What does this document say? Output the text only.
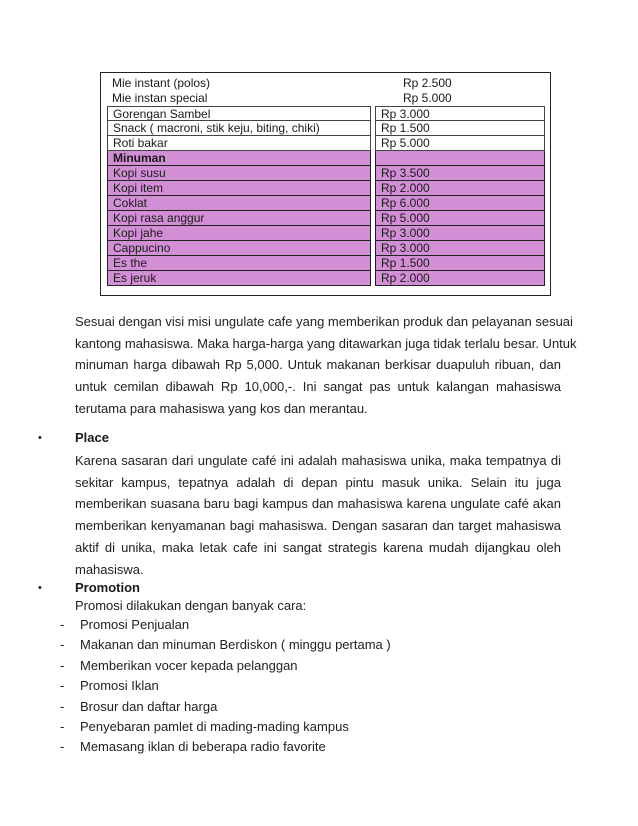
Mie instant (polos)	Rp 2.500
Mie instan special	Rp 5.000
Gorengan Sambel	Rp 3.000
Snack ( macroni, stik keju, biting, chiki)	Rp 1.500
Roti bakar	Rp 5.000
Minuman
Kopi susu	Rp 3.500
Kopi item	Rp 2.000
Coklat	Rp 6.000
Kopi rasa anggur	Rp 5.000
Kopi jahe	Rp 3.000
Cappucino	Rp 3.000
Es the	Rp 1.500
Es jeruk	Rp 2.000
Sesuai dengan visi misi ungulate cafe yang memberikan produk dan pelayanan sesuai
kantong mahasiswa. Maka harga-harga yang ditawarkan juga tidak terlalu besar. Untuk
minuman harga dibawah Rp 5,000. Untuk makanan berkisar duapuluh ribuan, dan
untuk cemilan dibawah Rp 10,000,-. Ini sangat pas untuk kalangan mahasiswa
terutama para mahasiswa yang kos dan merantau.
•	Place
Karena sasaran dari ungulate café ini adalah mahasiswa unika, maka tempatnya di
sekitar kampus, tepatnya adalah di depan pintu masuk unika. Selain itu juga
memberikan suasana baru bagi kampus dan mahasiswa karena ungulate café akan
memberikan kenyamanan bagi mahasiswa. Dengan sasaran dan target mahasiswa
aktif di unika, maka letak cafe ini sangat strategis karena mudah dijangkau oleh
mahasiswa.
•	Promotion
Promosi dilakukan dengan banyak cara:
- Promosi Penjualan
- Makanan dan minuman Berdiskon ( minggu pertama )
- Memberikan vocer kepada pelanggan
- Promosi Iklan
- Brosur dan daftar harga
- Penyebaran pamlet di mading-mading kampus
- Memasang iklan di beberapa radio favorite
